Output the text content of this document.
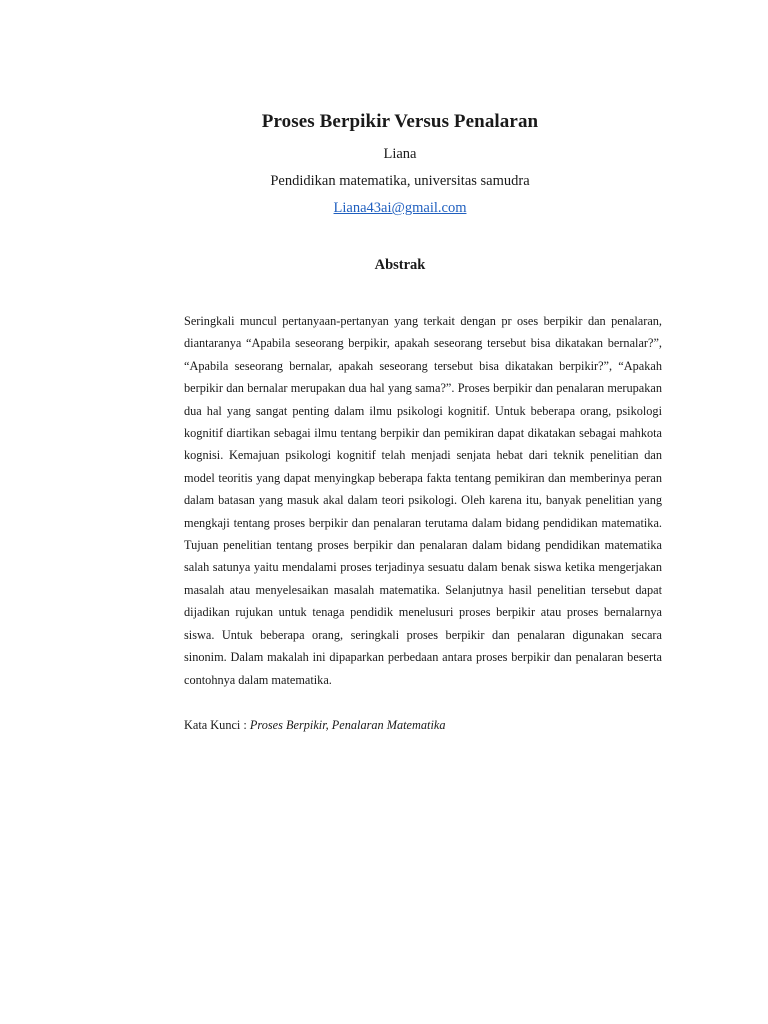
Proses Berpikir Versus Penalaran
Liana
Pendidikan matematika, universitas samudra
Liana43ai@gmail.com
Abstrak

Seringkali muncul pertanyaan-pertanyan yang terkait dengan pr oses berpikir dan penalaran, diantaranya “Apabila seseorang berpikir, apakah seseorang tersebut bisa dikatakan bernalar?”, “Apabila seseorang bernalar, apakah seseorang tersebut bisa dikatakan berpikir?”, “Apakah berpikir dan bernalar merupakan dua hal yang sama?”. Proses berpikir dan penalaran merupakan dua hal yang sangat penting dalam ilmu psikologi kognitif. Untuk beberapa orang, psikologi kognitif diartikan sebagai ilmu tentang berpikir dan pemikiran dapat dikatakan sebagai mahkota kognisi. Kemajuan psikologi kognitif telah menjadi senjata hebat dari teknik penelitian dan model teoritis yang dapat menyingkap beberapa fakta tentang pemikiran dan memberinya peran dalam batasan yang masuk akal dalam teori psikologi. Oleh karena itu, banyak penelitian yang mengkaji tentang proses berpikir dan penalaran terutama dalam bidang pendidikan matematika. Tujuan penelitian tentang proses berpikir dan penalaran dalam bidang pendidikan matematika salah satunya yaitu mendalami proses terjadinya sesuatu dalam benak siswa ketika mengerjakan masalah atau menyelesaikan masalah matematika. Selanjutnya hasil penelitian tersebut dapat dijadikan rujukan untuk tenaga pendidik menelusuri proses berpikir atau proses bernalarnya siswa. Untuk beberapa orang, seringkali proses berpikir dan penalaran digunakan secara sinonim. Dalam makalah ini dipaparkan perbedaan antara proses berpikir dan penalaran beserta contohnya dalam matematika.

Kata Kunci : Proses Berpikir, Penalaran Matematika
